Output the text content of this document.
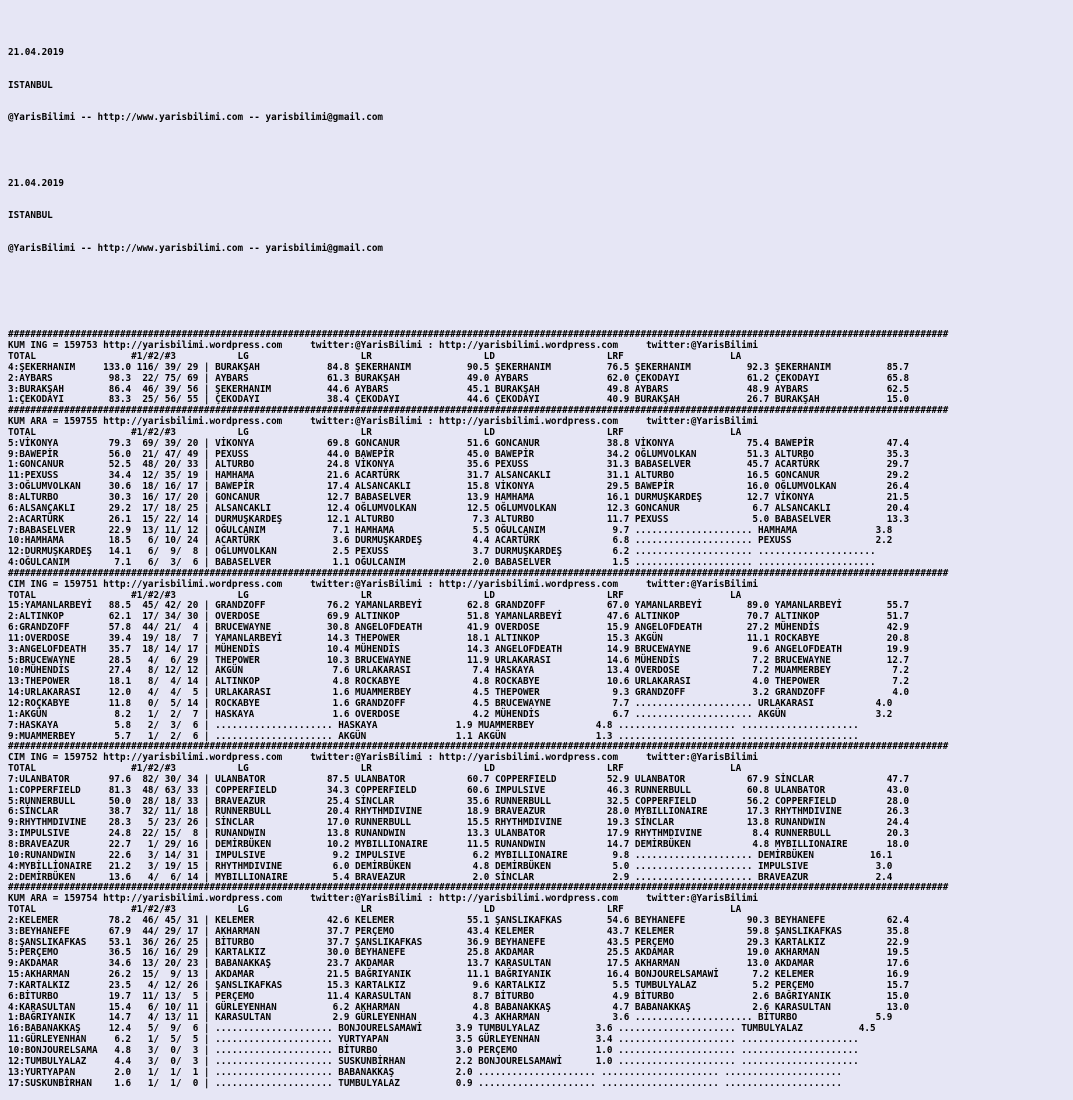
21.04.2019

ISTANBUL

@YarisBilimi -- http://www.yarisbilimi.com -- yarisbilimi@gmail.com

21.04.2019

ISTANBUL

@YarisBilimi -- http://www.yarisbilimi.com -- yarisbilimi@gmail.com

########################################################################################################################################################################
KUM ING = 159753 http://yarisbilimi.wordpress.com     twitter:@YarisBilimi : http://yarisbilimi.wordpress.com     twitter:@YarisBilimi
TOTAL                 #1/#2/#3           LG                    LR                    LD                    LRF                   LA
4:ŞEKERHANIM     133.0 116/ 39/ 29 | BURAKŞAH            84.8 ŞEKERHANIM          90.5 ŞEKERHANIM          76.5 ŞEKERHANIM          92.3 ŞEKERHANIM          85.7
2:AYBARS          98.3  22/ 75/ 69 | AYBARS              61.3 BURAKŞAH            49.0 AYBARS              62.0 ÇEKODAYI            61.2 ÇEKODAYI            65.8
3:BURAKŞAH        86.4  46/ 39/ 56 | ŞEKERHANIM          44.6 AYBARS              45.1 BURAKŞAH            49.8 AYBARS              48.9 AYBARS              62.5
1:ÇEKODAYI        83.3  25/ 56/ 55 | ÇEKODAYI            38.4 ÇEKODAYI            44.6 ÇEKODAYI            40.9 BURAKŞAH            26.7 BURAKŞAH            15.0
########################################################################################################################################################################
KUM ARA = 159755 http://yarisbilimi.wordpress.com     twitter:@YarisBilimi : http://yarisbilimi.wordpress.com     twitter:@YarisBilimi
TOTAL                 #1/#2/#3           LG                    LR                    LD                    LRF                   LA
5:VİKONYA         79.3  69/ 39/ 20 | VİKONYA             69.8 GONCANUR            51.6 GONCANUR            38.8 VİKONYA             75.4 BAWEPİR             47.4
9:BAWEPİR         56.0  21/ 47/ 49 | PEXUSS              44.0 BAWEPİR             45.0 BAWEPİR             34.2 OĞLUMVOLKAN         51.3 ALTURBO             35.3
1:GONCANUR        52.5  48/ 20/ 33 | ALTURBO             24.8 VİKONYA             35.6 PEXUSS              31.3 BABASELVER          45.7 ACARTÜRK            29.7
11:PEXUSS         34.4  12/ 35/ 19 | HAMHAMA             21.6 ACARTÜRK            31.7 ALSANCAKLI          31.1 ALTURBO             16.5 GONCANUR            29.2
3:OĞLUMVOLKAN     30.6  18/ 16/ 17 | BAWEPİR             17.4 ALSANCAKLI          15.8 VİKONYA             29.5 BAWEPİR             16.0 OĞLUMVOLKAN         26.4
8:ALTURBO         30.3  16/ 17/ 20 | GONCANUR            12.7 BABASELVER          13.9 HAMHAMA             16.1 DURMUŞKARDEŞ        12.7 VİKONYA             21.5
6:ALSANÇAKLI      29.2  17/ 18/ 25 | ALSANCAKLI          12.4 OĞLUMVOLKAN         12.5 OĞLUMVOLKAN         12.3 GONCANUR             6.7 ALSANCAKLI          20.4
2:ACARTÜRK        26.1  15/ 22/ 14 | DURMUŞKARDEŞ        12.1 ALTURBO              7.3 ALTURBO             11.7 PEXUSS               5.0 BABASELVER          13.3
7:BABASELVER      22.9  13/ 11/ 12 | OĞULCANIM            7.1 HAMHAMA              5.5 OĞULCANIM            9.7 ..................... HAMHAMA              3.8
10:HAMHAMA        18.5   6/ 10/ 24 | ACARTÜRK             3.6 DURMUŞKARDEŞ         4.4 ACARTÜRK             6.8 ..................... PEXUSS               2.2
12:DURMUŞKARDEŞ   14.1   6/  9/  8 | OĞLUMVOLKAN          2.5 PEXUSS               3.7 DURMUŞKARDEŞ         6.2 ..................... .....................
4:OĞULCANIM        7.1   6/  3/  6 | BABASELVER           1.1 OĞULCANIM            2.0 BABASELVER           1.5 ..................... .....................
########################################################################################################################################################################
CIM ING = 159751 http://yarisbilimi.wordpress.com     twitter:@YarisBilimi : http://yarisbilimi.wordpress.com     twitter:@YarisBilimi
TOTAL                 #1/#2/#3           LG                    LR                    LD                    LRF                   LA
15:YAMANLARBEYİ   88.5  45/ 42/ 20 | GRANDZOFF           76.2 YAMANLARBEYİ        62.8 GRANDZOFF           67.0 YAMANLARBEYİ        89.0 YAMANLARBEYİ        55.7
2:ALTINKOP        62.1  17/ 34/ 30 | OVERDOSE            69.9 ALTINKOP            51.8 YAMANLARBEYİ        47.6 ALTINKOP            70.7 ALTINKOP            51.7
6:GRANDZOFF       57.8  44/ 21/  4 | BRUCEWAYNE          30.8 ANGELOFDEATH        41.9 OVERDOSE            15.9 ANGELOFDEATH        27.2 MÜHENDİS            42.9
11:OVERDOSE       39.4  19/ 18/  7 | YAMANLARBEYİ        14.3 THEPOWER            18.1 ALTINKOP            15.3 AKGÜN               11.1 ROCKABYE            20.8
3:ANGELOFDEATH    35.7  18/ 14/ 17 | MÜHENDİS            10.4 MÜHENDİS            14.3 ANGELOFDEATH        14.9 BRUCEWAYNE           9.6 ANGELOFDEATH        19.9
5:BRUCEWAYNE      28.5   4/  6/ 29 | THEPOWER            10.3 BRUCEWAYNE          11.9 URLAKARASI          14.6 MÜHENDİS             7.2 BRUCEWAYNE          12.7
10:MÜHENDİS       27.4   8/ 12/ 12 | AKGÜN                7.6 URLAKARASI           7.4 HASKAYA             13.4 OVERDOSE             7.2 MUAMMERBEY           7.2
13:THEPOWER       18.1   8/  4/ 14 | ALTINKOP             4.8 ROCKABYE             4.8 ROCKABYE            10.6 URLAKARASI           4.0 THEPOWER             7.2
14:URLAKARASI     12.0   4/  4/  5 | URLAKARASI           1.6 MUAMMERBEY           4.5 THEPOWER             9.3 GRANDZOFF            3.2 GRANDZOFF            4.0
12:ROÇKABYE       11.8   0/  5/ 14 | ROCKABYE             1.6 GRANDZOFF            4.5 BRUCEWAYNE           7.7 ..................... URLAKARASI           4.0
1:AKGÜN            8.2   1/  2/  7 | HASKAYA              1.6 OVERDOSE             4.2 MÜHENDİS             6.7 ..................... AKGÜN                3.2
7:HASKAYA          5.8   2/  3/  6 | ..................... HASKAYA              1.9 MUAMMERBEY           4.8 ..................... .....................
9:MUAMMERBEY       5.7   1/  2/  6 | ..................... AKGÜN                1.1 AKGÜN                1.3 ..................... .....................
########################################################################################################################################################################
CIM ING = 159752 http://yarisbilimi.wordpress.com     twitter:@YarisBilimi : http://yarisbilimi.wordpress.com     twitter:@YarisBilimi
TOTAL                 #1/#2/#3           LG                    LR                    LD                    LRF                   LA
7:ULANBATOR       97.6  82/ 30/ 34 | ULANBATOR           87.5 ULANBATOR           60.7 COPPERFIELD         52.9 ULANBATOR           67.9 SİNCLAR             47.7
1:COPPERFIELD     81.3  48/ 63/ 33 | COPPERFIELD         34.3 COPPERFIELD         60.6 IMPULSIVE           46.3 RUNNERBULL          60.8 ULANBATOR           43.0
5:RUNNERBULL      50.0  28/ 18/ 33 | BRAVEAZUR           25.4 SİNCLAR             35.6 RUNNERBULL          32.5 COPPERFIELD         56.2 COPPERFIELD         28.0
6:SİNCLAR         38.7  32/ 11/ 18 | RUNNERBULL          20.4 RHYTHMDIVINE        18.9 BRAVEAZUR           28.0 MYBILLIONAIRE       17.3 RHYTHMDIVINE        26.3
9:RHYTHMDIVINE    28.3   5/ 23/ 26 | SİNCLAR             17.0 RUNNERBULL          15.5 RHYTHMDIVINE        19.3 SİNCLAR             13.8 RUNANDWIN           24.4
3:IMPULSIVE       24.8  22/ 15/  8 | RUNANDWIN           13.8 RUNANDWIN           13.3 ULANBATOR           17.9 RHYTHMDIVINE         8.4 RUNNERBULL          20.3
8:BRAVEAZUR       22.7   1/ 29/ 16 | DEMİRBÜKEN          10.2 MYBILLIONAIRE       11.5 RUNANDWIN           14.7 DEMİRBÜKEN           4.8 MYBILLIONAIRE       18.0
10:RUNANDWIN      22.6   3/ 14/ 31 | IMPULSIVE            9.2 IMPULSIVE            6.2 MYBILLIONAIRE        9.8 ..................... DEMİRBÜKEN          16.1
4:MYBİLLİONAIRE   21.2   3/ 19/ 15 | RHYTHMDIVINE         6.0 DEMİRBÜKEN           4.8 DEMİRBÜKEN           5.0 ..................... IMPULSIVE            3.0
2:DEMİRBÜKEN      13.6   4/  6/ 14 | MYBILLIONAIRE        5.4 BRAVEAZUR            2.0 SİNCLAR              2.9 ..................... BRAVEAZUR            2.4
########################################################################################################################################################################
KUM ARA = 159754 http://yarisbilimi.wordpress.com     twitter:@YarisBilimi : http://yarisbilimi.wordpress.com     twitter:@YarisBilimi
TOTAL                 #1/#2/#3           LG                    LR                    LD                    LRF                   LA
2:KELEMER         78.2  46/ 45/ 31 | KELEMER             42.6 KELEMER             55.1 ŞANSLIKAFKAS        54.6 BEYHANEFE           90.3 BEYHANEFE           62.4
3:BEYHANEFE       67.9  44/ 29/ 17 | AKHARMAN            37.7 PERÇEMO             43.4 KELEMER             43.7 KELEMER             59.8 ŞANSLIKAFKAS        35.8
8:ŞANSLIKAFKAS    53.1  36/ 26/ 25 | BİTURBO             37.7 ŞANSLIKAFKAS        36.9 BEYHANEFE           43.5 PERÇEMO             29.3 KARTALKIZ           22.9
5:PERÇEMO         36.5  16/ 16/ 29 | KARTALKIZ           30.0 BEYHANEFE           25.8 AKDAMAR             25.5 AKDAMAR             19.0 AKHARMAN            19.5
9:AKDAMAR         34.6  13/ 20/ 23 | BABANAKKAŞ          23.7 AKDAMAR             13.7 KARASULTAN          17.5 AKHARMAN            13.0 AKDAMAR             17.6
15:AKHARMAN       26.2  15/  9/ 13 | AKDAMAR             21.5 BAĞRIYANIK          11.1 BAĞRIYANIK          16.4 BONJOURELSAMAWİ      7.2 KELEMER             16.9
7:KARTALKIZ       23.5   4/ 12/ 26 | ŞANSLIKAFKAS        15.3 KARTALKIZ            9.6 KARTALKIZ            5.5 TUMBULYALAZ          5.2 PERÇEMO             15.7
6:BİTURBO         19.7  11/ 13/  5 | PERÇEMO             11.4 KARASULTAN           8.7 BİTURBO              4.9 BİTURBO              2.6 BAĞRIYANIK          15.0
4:KARASULTAN      15.4   6/ 10/ 11 | GÜRLEYENHAN          6.2 AKHARMAN             4.8 BABANAKKAŞ           4.7 BABANAKKAŞ           2.6 KARASULTAN          13.0
1:BAĞRIYANIK      14.7   4/ 13/ 11 | KARASULTAN           2.9 GÜRLEYENHAN          4.3 AKHARMAN             3.6 ..................... BİTURBO              5.9
16:BABANAKKAŞ     12.4   5/  9/  6 | ..................... BONJOURELSAMAWİ      3.9 TUMBULYALAZ          3.6 ..................... TUMBULYALAZ          4.5
11:GÜRLEYENHAN     6.2   1/  5/  5 | ..................... YURTYAPAN            3.5 GÜRLEYENHAN          3.4 ..................... .....................
10:BONJOURELSAMA   4.8   3/  0/  3 | ..................... BİTURBO              3.0 PERÇEMO              1.0 ..................... .....................
12:TUMBULYALAZ     4.4   3/  0/  3 | ..................... SUSKUNBİRHAN         2.2 BONJOURELSAMAWİ      1.0 ..................... .....................
13:YURTYAPAN       2.0   1/  1/  1 | ..................... BABANAKKAŞ           2.0 ..................... ..................... .....................
17:SUSKUNBİRHAN    1.6   1/  1/  0 | ..................... TUMBULYALAZ          0.9 ..................... ..................... .....................
